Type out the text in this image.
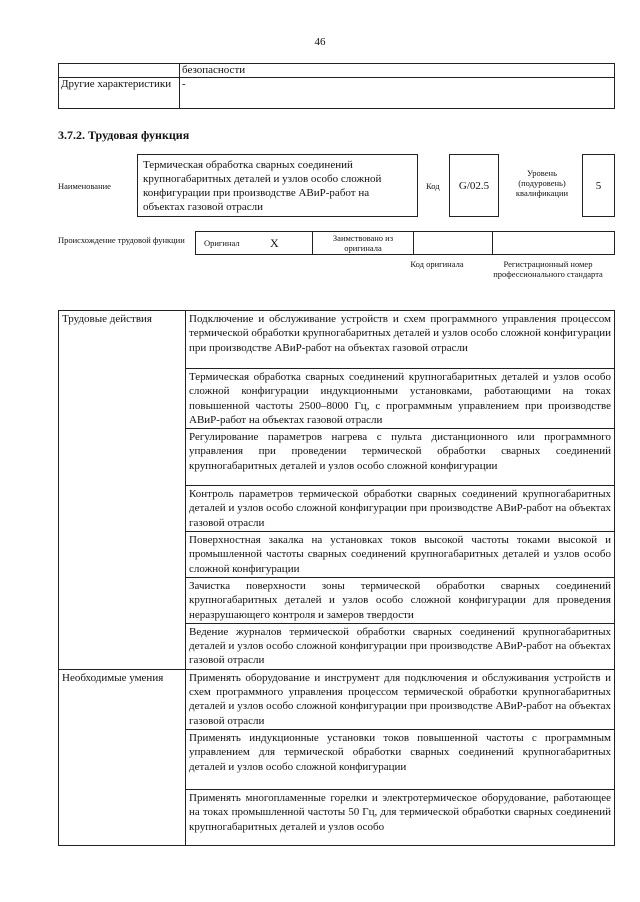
46
	безопасности
Другие характеристики	-
3.7.2. Трудовая функция
Наименование
Термическая обработка сварных соединений крупногабаритных деталей и узлов особо сложной конфигурации при производстве АВиР-работ на объектах газовой отрасли
Код	G/02.5
Уровень (подуровень) квалификации
5
Происхождение трудовой функции	Оригинал	X	Заимствовано из оригинала		
Код оригинала	Регистрационный номер профессионального стандарта
Трудовые действия	Подключение и обслуживание устройств и схем программного управления процессом термической обработки крупногабаритных деталей и узлов особо сложной конфигурации при производстве АВиР-работ на объектах газовой отрасли
	Термическая обработка сварных соединений крупногабаритных деталей и узлов особо сложной конфигурации индукционными установками, работающими на токах повышенной частоты 2500–8000 Гц, с программным управлением при производстве АВиР-работ на объектах газовой отрасли
	Регулирование параметров нагрева с пульта дистанционного или программного управления при проведении термической обработки сварных соединений крупногабаритных деталей и узлов особо сложной конфигурации
	Контроль параметров термической обработки сварных соединений крупногабаритных деталей и узлов особо сложной конфигурации при производстве АВиР-работ на объектах газовой отрасли
	Поверхностная закалка на установках токов высокой частоты токами высокой и промышленной частоты сварных соединений крупногабаритных деталей и узлов особо сложной конфигурации
	Зачистка поверхности зоны термической обработки сварных соединений крупногабаритных деталей и узлов особо сложной конфигурации для проведения неразрушающего контроля и замеров твердости
	Ведение журналов термической обработки сварных соединений крупногабаритных деталей и узлов особо сложной конфигурации при производстве АВиР-работ на объектах газовой отрасли
Необходимые умения	Применять оборудование и инструмент для подключения и обслуживания устройств и схем программного управления процессом термической обработки крупногабаритных деталей и узлов особо сложной конфигурации при производстве АВиР-работ на объектах газовой отрасли
	Применять индукционные установки токов повышенной частоты с программным управлением для термической обработки сварных соединений крупногабаритных деталей и узлов особо сложной конфигурации
	Применять многопламенные горелки и электротермическое оборудование, работающее на токах промышленной частоты 50 Гц, для термической обработки сварных соединений крупногабаритных деталей и узлов особо
